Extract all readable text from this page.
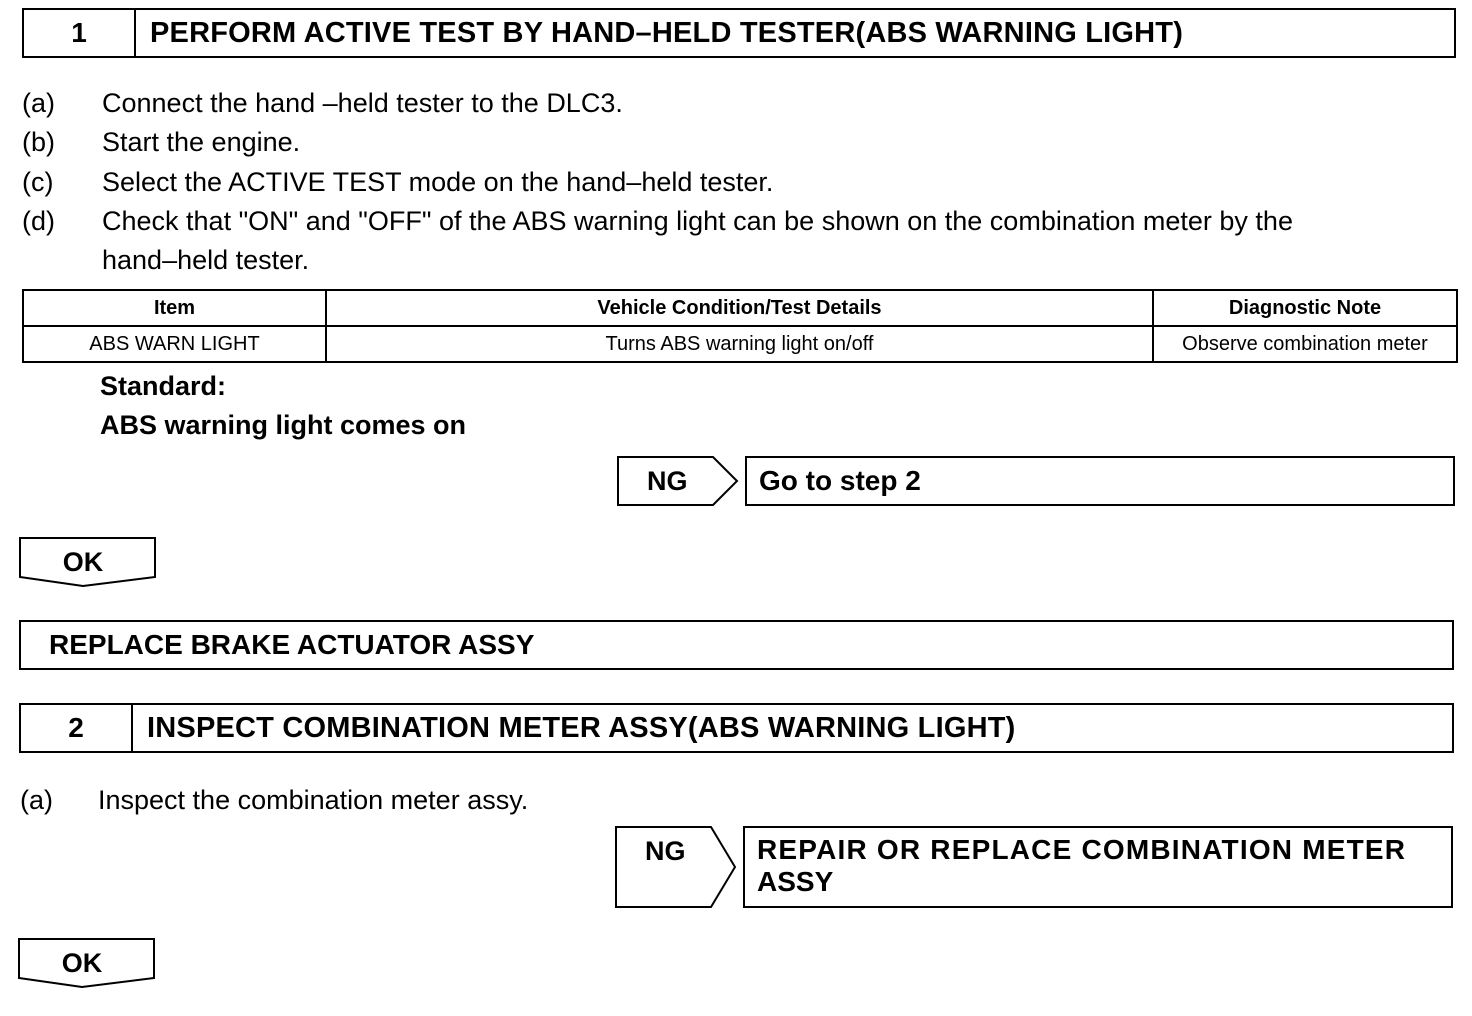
1	PERFORM ACTIVE TEST BY HAND–HELD TESTER(ABS WARNING LIGHT)
(a) Connect the hand –held tester to the DLC3.
(b) Start the engine.
(c) Select the ACTIVE TEST mode on the hand–held tester.
(d) Check that "ON" and "OFF" of the ABS warning light can be shown on the combination meter by the
hand–held tester.
Item	Vehicle Condition/Test Details	Diagnostic Note
ABS WARN LIGHT	Turns ABS warning light on/off	Observe combination meter
Standard:
ABS warning light comes on
NG	Go to step 2
OK
REPLACE BRAKE ACTUATOR ASSY
2	INSPECT COMBINATION METER ASSY(ABS WARNING LIGHT)
(a) Inspect the combination meter assy.
NG	REPAIR OR REPLACE COMBINATION METER
ASSY
OK
